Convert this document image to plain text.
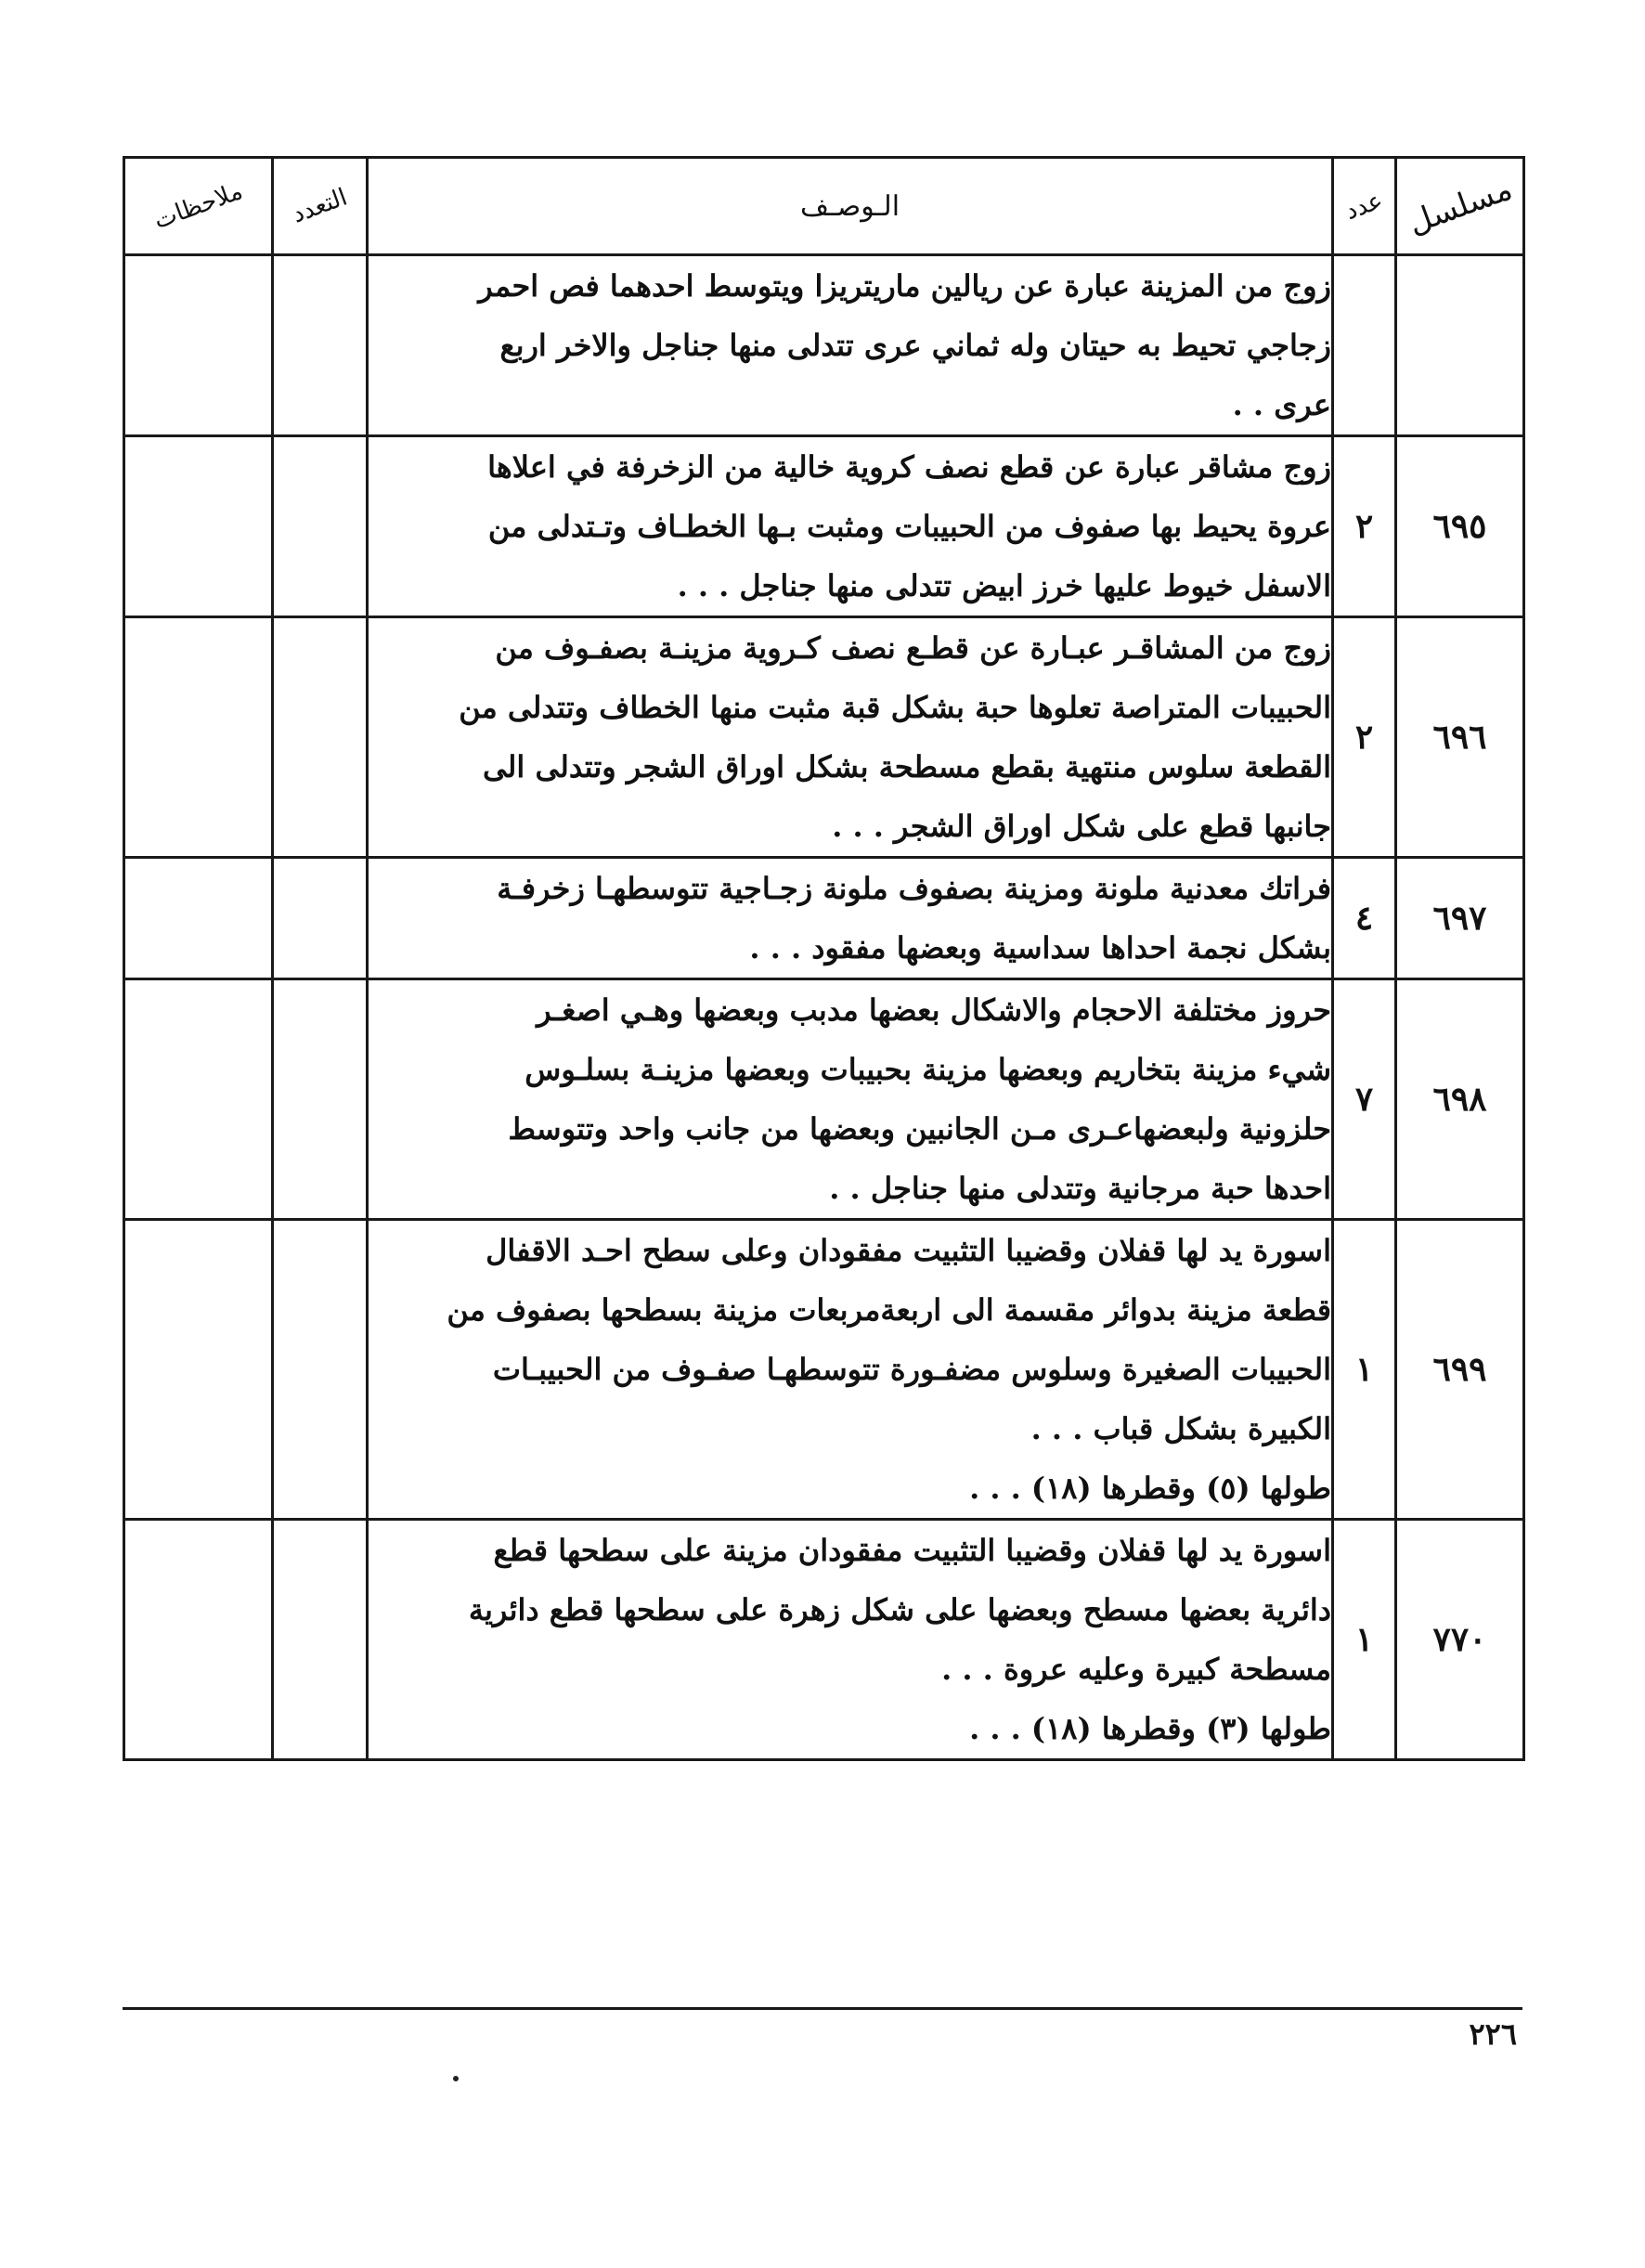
مسلسل	عدد	الـوصـف	التعدد	ملاحظات

		زوج من المزينة عبارة عن ريالين ماريتريزا ويتوسط احدهما فص احمر
زجاجي تحيط به حيتان وله ثماني عرى تتدلى منها جناجل والاخر اربع
عرى . .		

٦٩٥	٢	زوج مشاقر عبارة عن قطع نصف كروية خالية من الزخرفة في اعلاها
عروة يحيط بها صفوف من الحبيبات ومثبت بـها الخطـاف وتـتدلى من
الاسفل خيوط عليها خرز ابيض تتدلى منها جناجل . . .		

٦٩٦	٢	زوج من المشاقـر عبـارة عن قطـع نصف كـروية مزينـة بصفـوف من
الحبيبات المتراصة تعلوها حبة بشكل قبة مثبت منها الخطاف وتتدلى من
القطعة سلوس منتهية بقطع مسطحة بشكل اوراق الشجر وتتدلى الى
جانبها قطع على شكل اوراق الشجر . . .		

٦٩٧	٤	فراتك معدنية ملونة ومزينة بصفوف ملونة زجـاجية تتوسطهـا زخرفـة
بشكل نجمة احداها سداسية وبعضها مفقود . . .		

٦٩٨	٧	حروز مختلفة الاحجام والاشكال بعضها مدبب وبعضها وهـي اصغـر
شيء مزينة بتخاريم وبعضها مزينة بحبيبات وبعضها مزينـة بسلـوس
حلزونية ولبعضهاعـرى مـن الجانبين وبعضها من جانب واحد وتتوسط
احدها حبة مرجانية وتتدلى منها جناجل . .		

٦٩٩	١	اسورة يد لها قفلان وقضيبا التثبيت مفقودان وعلى سطح احـد الاقفال
قطعة مزينة بدوائر مقسمة الى اربعةمربعات مزينة بسطحها بصفوف من
الحبيبات الصغيرة وسلوس مضفـورة تتوسطهـا صفـوف من الحبيبـات
الكبيرة بشكل قباب . . .
طولها (٥) وقطرها (١٨) . . .		

٧٧٠	١	اسورة يد لها قفلان وقضيبا التثبيت مفقودان مزينة على سطحها قطع
دائرية بعضها مسطح وبعضها على شكل زهرة على سطحها قطع دائرية
مسطحة كبيرة وعليه عروة . . .
طولها (٣) وقطرها (١٨) . . .		

٢٢٦
